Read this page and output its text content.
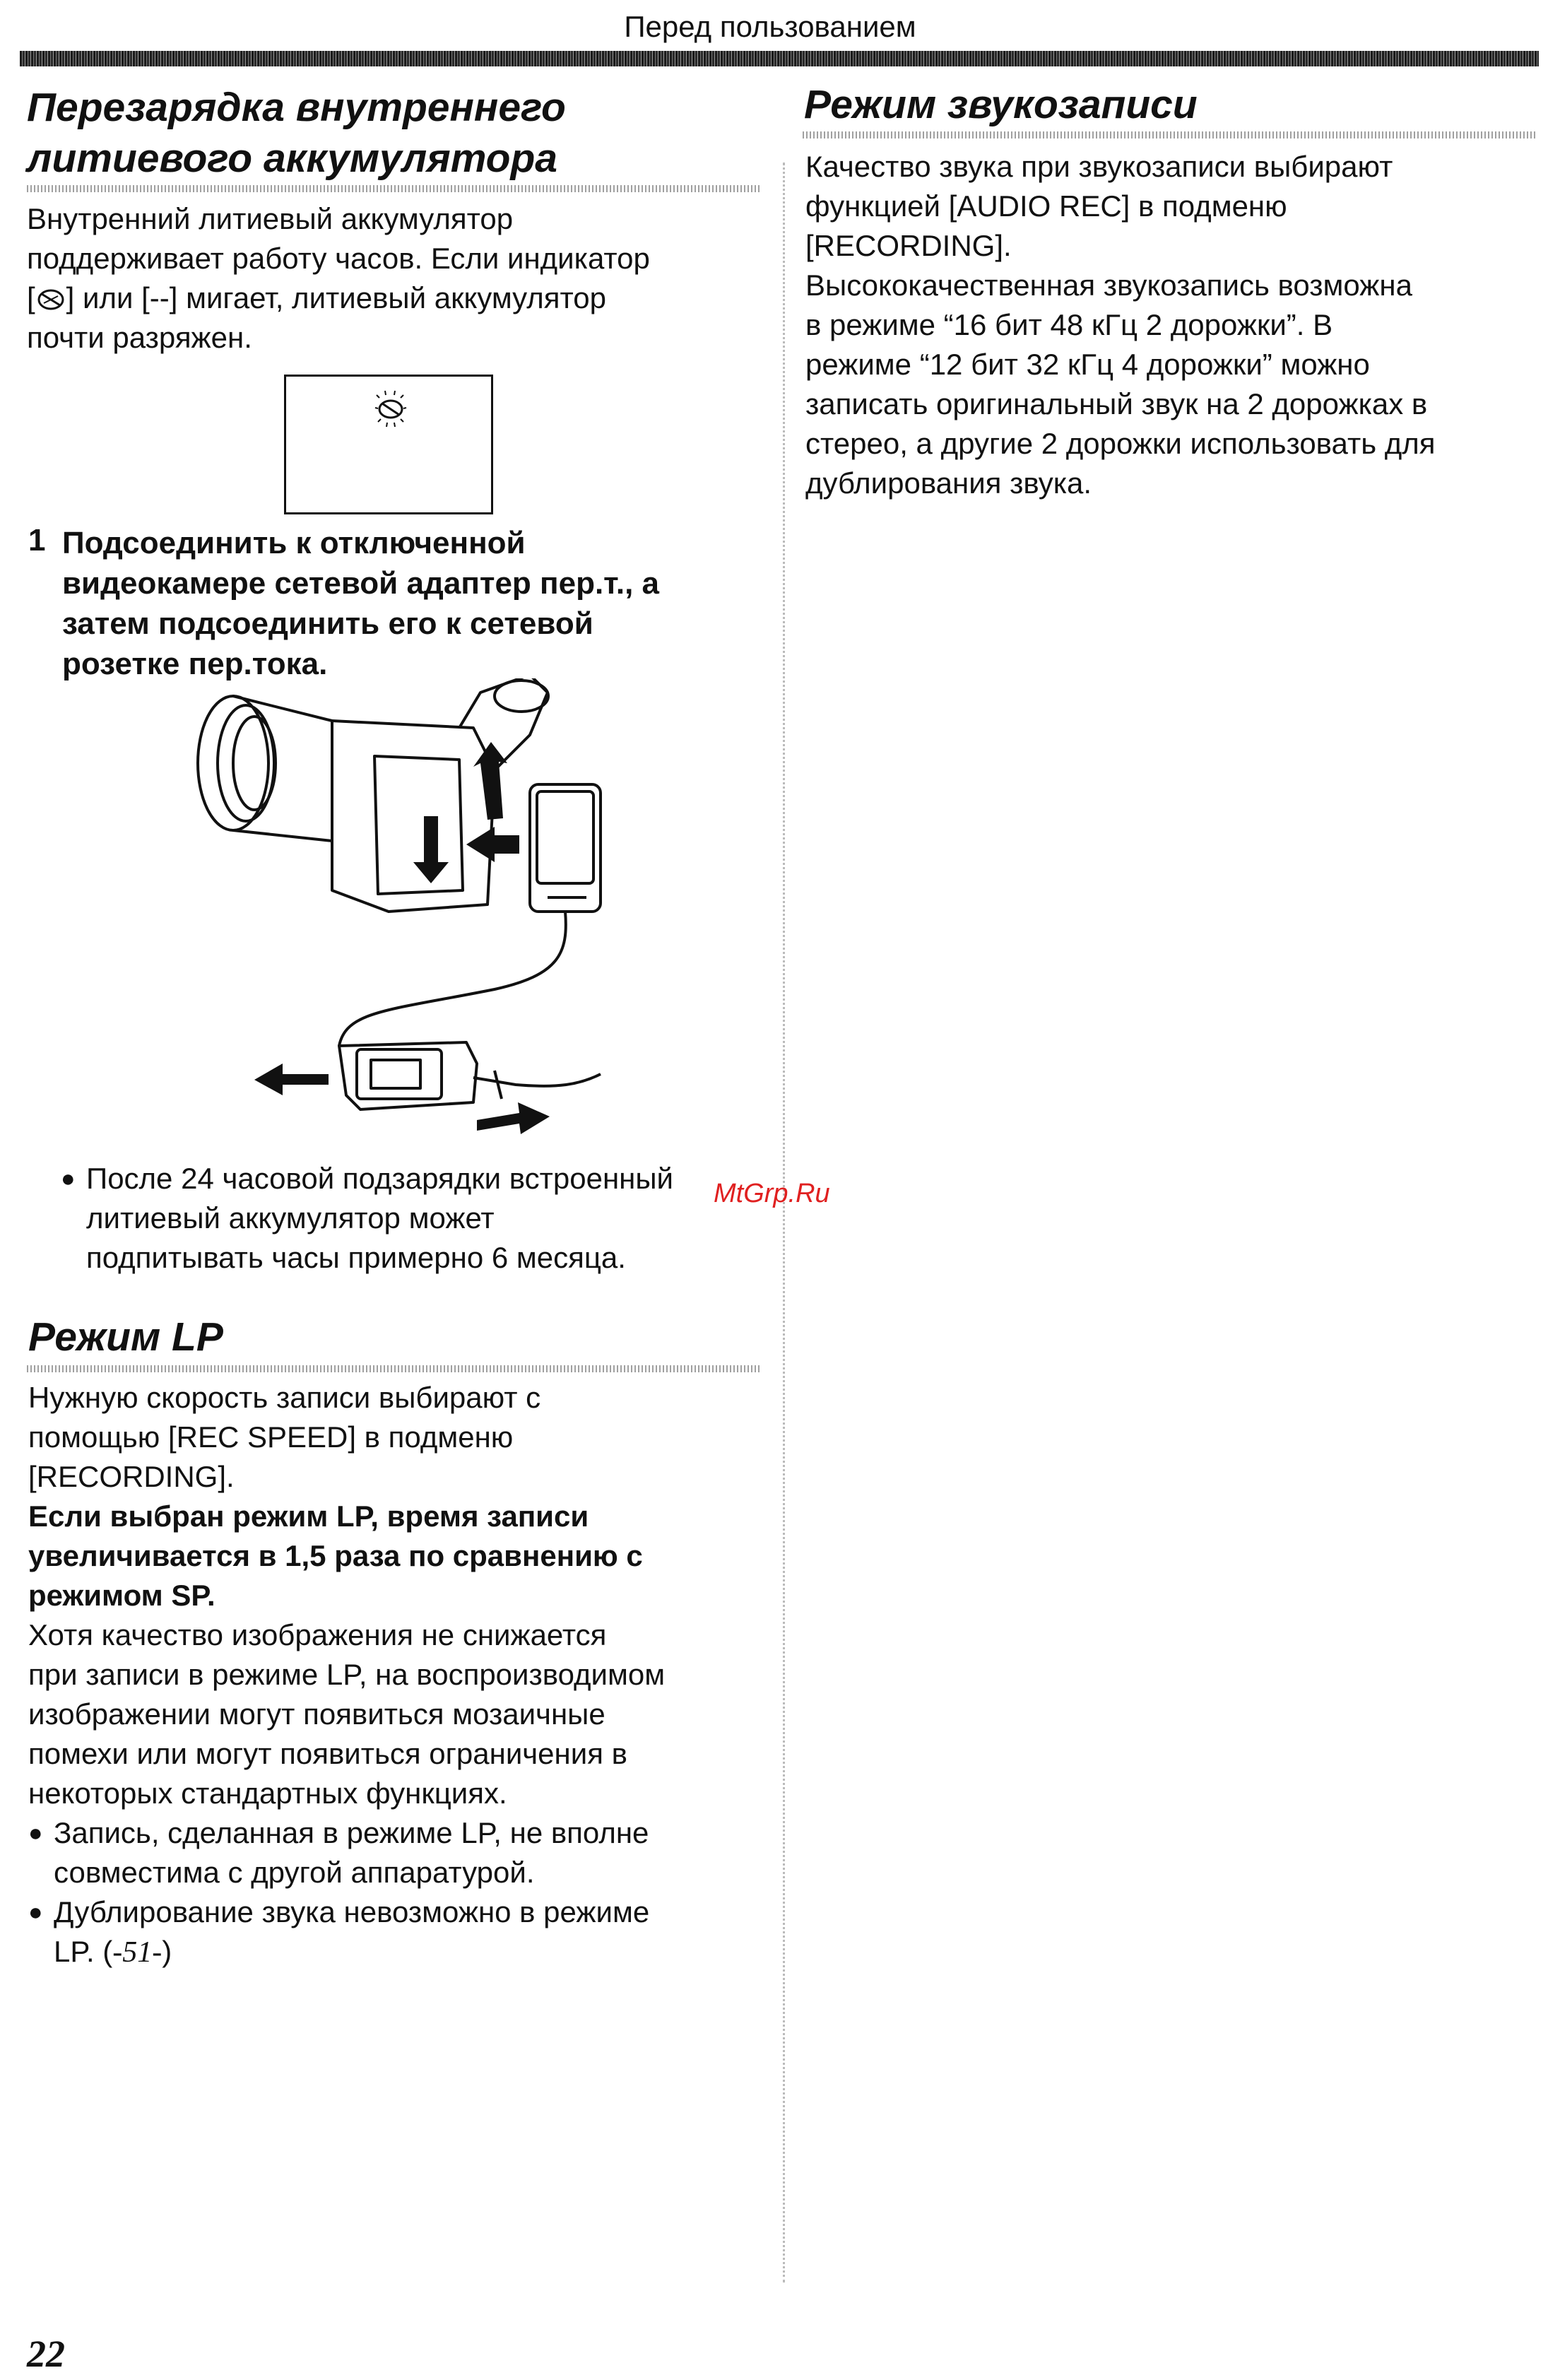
Перед пользованием
Перезарядка внутреннего
литиевого аккумулятора
Внутренний литиевый аккумулятор
поддерживает работу часов. Если индикатор
[ ] или [--] мигает, литиевый аккумулятор
почти разряжен.
1 Подсоединить к отключенной
видеокамере сетевой адаптер пер.т., а
затем подсоединить его к сетевой
розетке пер.тока.
● После 24 часовой подзарядки встроенный
литиевый аккумулятор может
подпитывать часы примерно 6 месяца.
MtGrp.Ru
Режим LP
Нужную скорость записи выбирают с
помощью [REC SPEED] в подменю
[RECORDING].
Если выбран режим LP, время записи
увеличивается в 1,5 раза по сравнению с
режимом SP.
Хотя качество изображения не снижается
при записи в режиме LP, на воспроизводимом
изображении могут появиться мозаичные
помехи или могут появиться ограничения в
некоторых стандартных функциях.
● Запись, сделанная в режиме LP, не вполне
совместима с другой аппаратурой.
● Дублирование звука невозможно в режиме
LP. (-51-)
Режим звукозаписи
Качество звука при звукозаписи выбирают
функцией [AUDIO REC] в подменю
[RECORDING].
Высококачественная звукозапись возможна
в режиме “16 бит 48 кГц 2 дорожки”. В
режиме “12 бит 32 кГц 4 дорожки” можно
записать оригинальный звук на 2 дорожках в
стерео, а другие 2 дорожки использовать для
дублирования звука.
22
